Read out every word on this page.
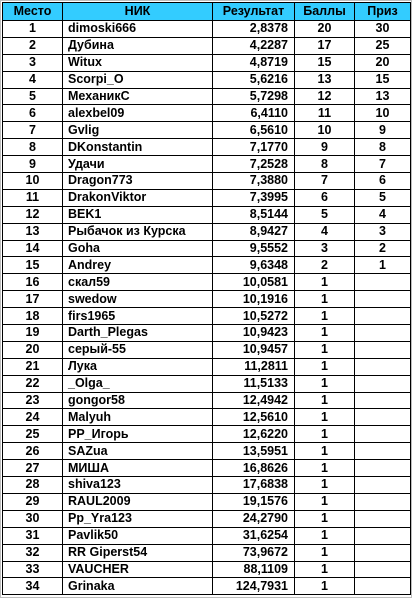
Место	НИК	Результат	Баллы	Приз
1	dimoski666	2,8378	20	30
2	Дубина	4,2287	17	25
3	Witux	4,8719	15	20
4	Scorpi_O	5,6216	13	15
5	МеханикС	5,7298	12	13
6	alexbel09	6,4110	11	10
7	Gvlig	6,5610	10	9
8	DKonstantin	7,1770	9	8
9	Удачи	7,2528	8	7
10	Dragon773	7,3880	7	6
11	DrakonViktor	7,3995	6	5
12	BEK1	8,5144	5	4
13	Рыбачок из Курска	8,9427	4	3
14	Goha	9,5552	3	2
15	Andrey	9,6348	2	1
16	скал59	10,0581	1	
17	swedow	10,1916	1	
18	firs1965	10,5272	1	
19	Darth_Plegas	10,9423	1	
20	серый-55	10,9457	1	
21	Лука	11,2811	1	
22	_Olga_	11,5133	1	
23	gongor58	12,4942	1	
24	Malyuh	12,5610	1	
25	PP_Игорь	12,6220	1	
26	SAZua	13,5951	1	
27	МИША	16,8626	1	
28	shiva123	17,6838	1	
29	RAUL2009	19,1576	1	
30	Pp_Yra123	24,2790	1	
31	Pavlik50	31,6254	1	
32	RR Giperst54	73,9672	1	
33	VAUCHER	88,1109	1	
34	Grinaka	124,7931	1	
